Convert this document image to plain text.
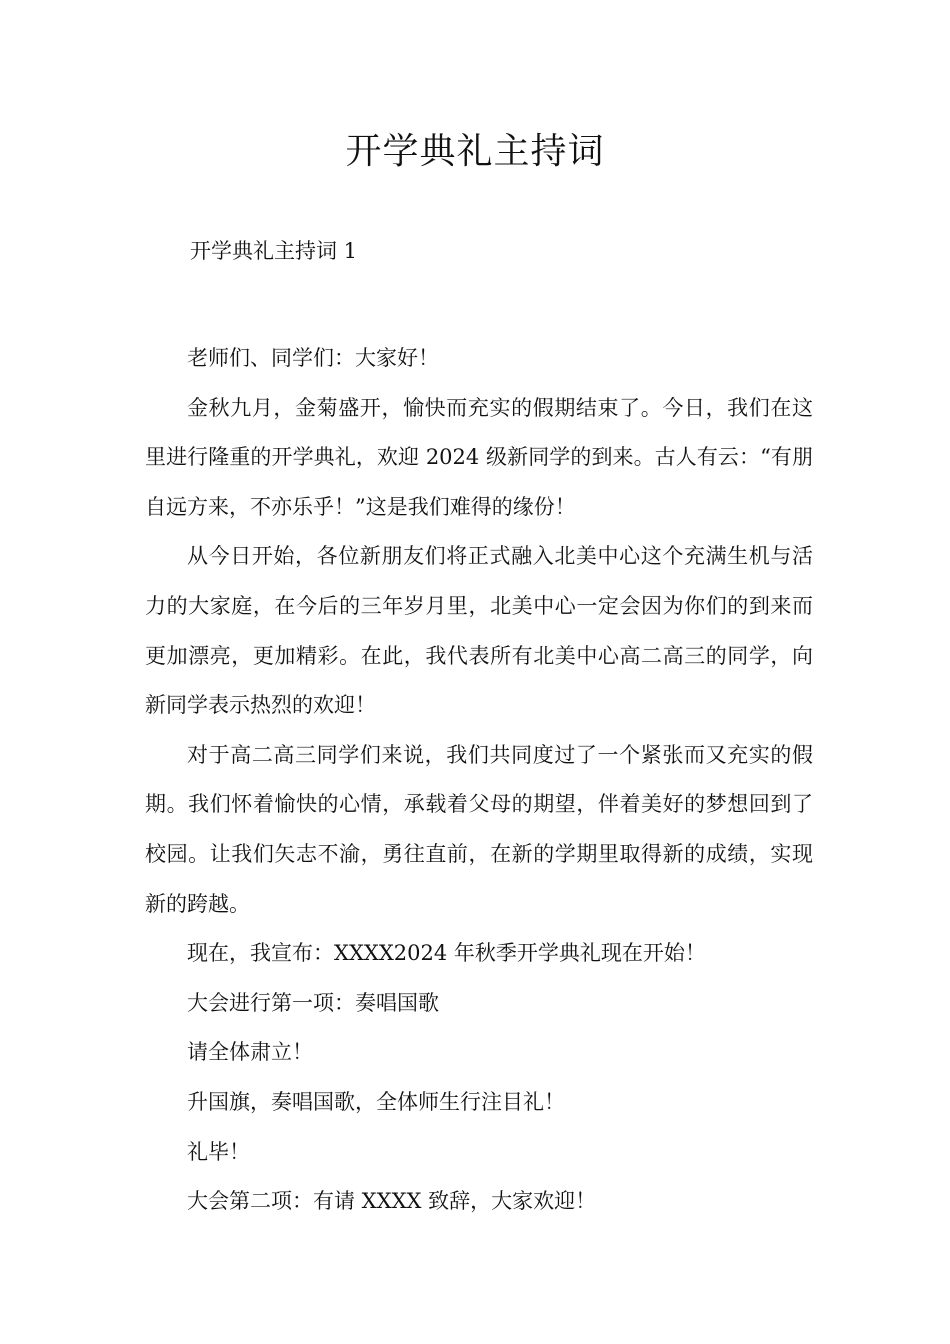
开学典礼主持词

开学典礼主持词 1

老师们、同学们：大家好！

金秋九月，金菊盛开，愉快而充实的假期结束了。今日，我们在这里进行隆重的开学典礼，欢迎 2024 级新同学的到来。古人有云：“有朋自远方来，不亦乐乎！”这是我们难得的缘份！

从今日开始，各位新朋友们将正式融入北美中心这个充满生机与活力的大家庭，在今后的三年岁月里，北美中心一定会因为你们的到来而更加漂亮，更加精彩。在此，我代表所有北美中心高二高三的同学，向新同学表示热烈的欢迎！

对于高二高三同学们来说，我们共同度过了一个紧张而又充实的假期。我们怀着愉快的心情，承载着父母的期望，伴着美好的梦想回到了校园。让我们矢志不渝，勇往直前，在新的学期里取得新的成绩，实现新的跨越。

现在，我宣布：XXXX2024 年秋季开学典礼现在开始！

大会进行第一项：奏唱国歌

请全体肃立！

升国旗，奏唱国歌，全体师生行注目礼！

礼毕！

大会第二项：有请 XXXX 致辞，大家欢迎！
